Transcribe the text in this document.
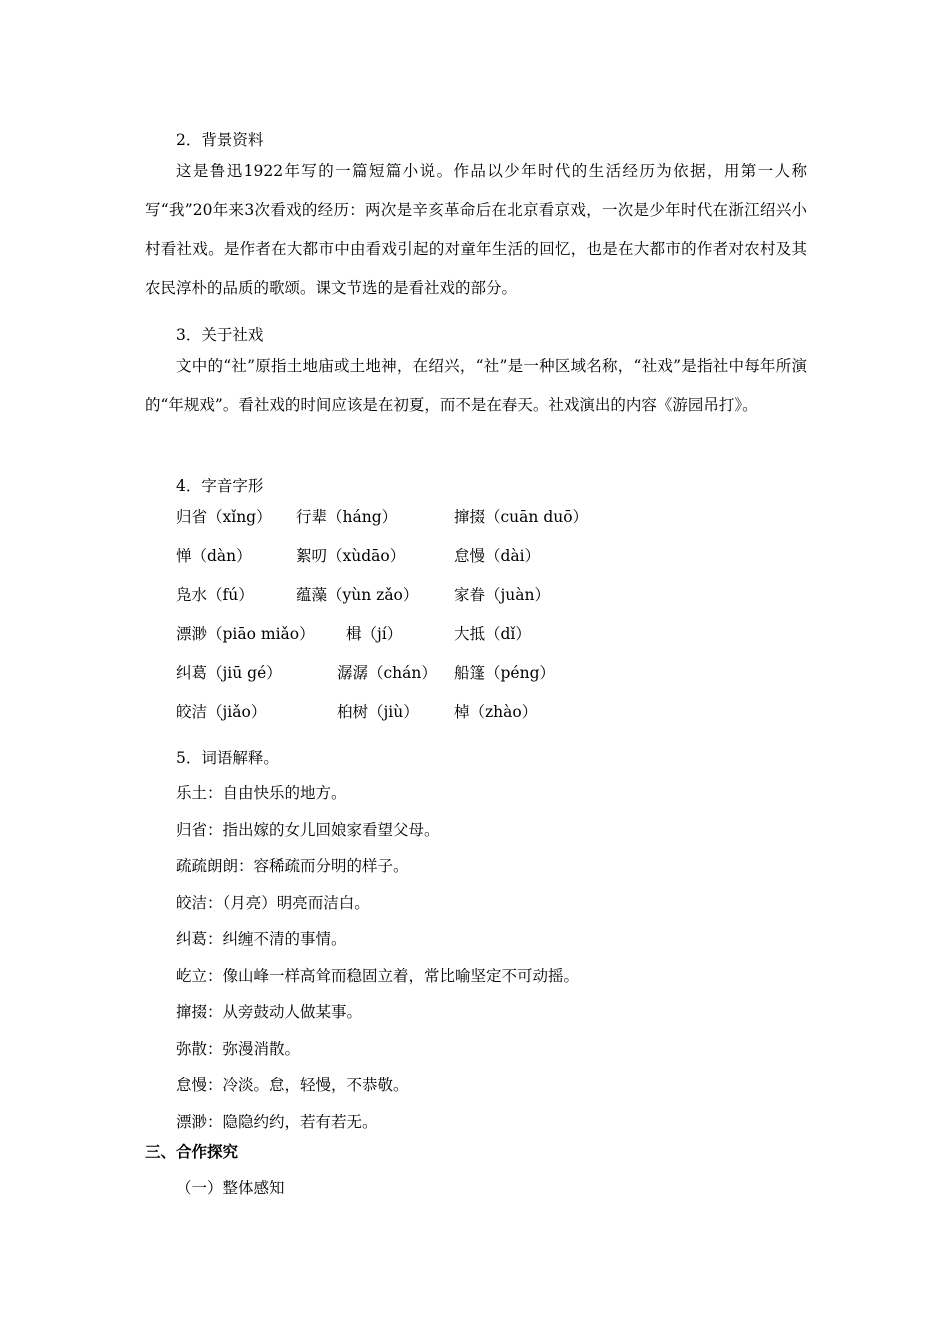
2．背景资料
这是鲁迅1922年写的一篇短篇小说。作品以少年时代的生活经历为依据，用第一人称写“我”20年来3次看戏的经历：两次是辛亥革命后在北京看京戏，一次是少年时代在浙江绍兴小村看社戏。是作者在大都市中由看戏引起的对童年生活的回忆，也是在大都市的作者对农村及其农民淳朴的品质的歌颂。课文节选的是看社戏的部分。
3．关于社戏
文中的“社”原指土地庙或土地神，在绍兴，“社”是一种区域名称，“社戏”是指社中每年所演的“年规戏”。看社戏的时间应该是在初夏，而不是在春天。社戏演出的内容《游园吊打》。
4．字音字形
归省（xǐng） 行辈（háng）	撺掇（cuān duō）
惮（dàn）	絮叨（xùdāo）	怠慢（dài）
凫水（fú）	蕴藻（yùn zǎo） 家眷（juàn）
漂渺（piāo miǎo） 楫（jí）	大抵（dǐ）
纠葛（jiū gé）	潺潺（chán） 船篷（péng）
皎洁（jiǎo）	桕树（jiù） 棹（zhào）
5．词语解释。
乐土：自由快乐的地方。
归省：指出嫁的女儿回娘家看望父母。
疏疏朗朗：容稀疏而分明的样子。
皎洁：（月亮）明亮而洁白。
纠葛：纠缠不清的事情。
屹立：像山峰一样高耸而稳固立着，常比喻坚定不可动摇。
撺掇：从旁鼓动人做某事。
弥散：弥漫消散。
怠慢：冷淡。怠，轻慢，不恭敬。
漂渺：隐隐约约，若有若无。
三、合作探究
（一）整体感知
